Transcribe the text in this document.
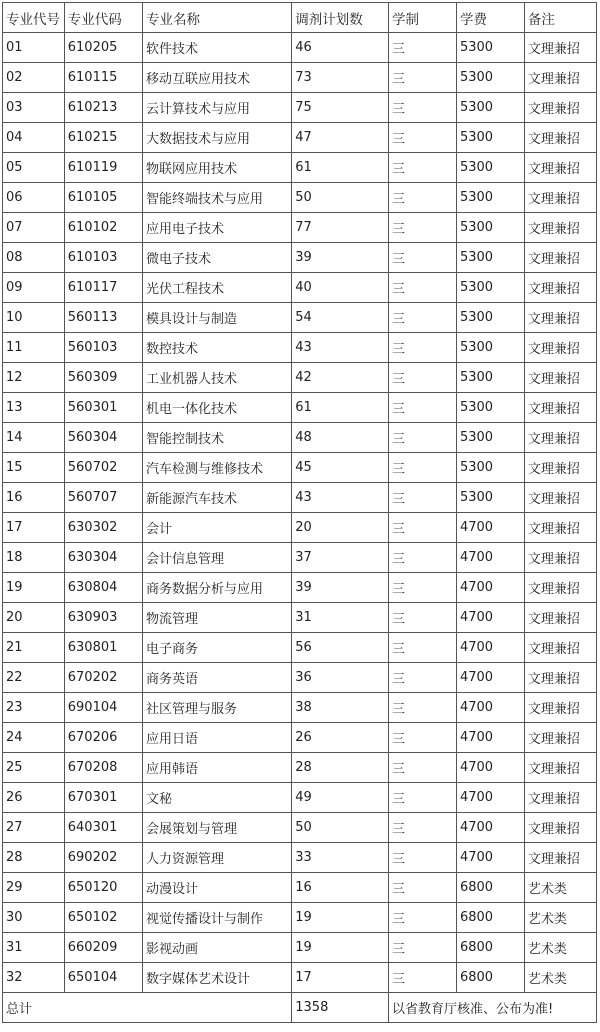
专业代号	专业代码	专业名称	调剂计划数	学制	学费	备注
01	610205	软件技术	46	三	5300	文理兼招
02	610115	移动互联应用技术	73	三	5300	文理兼招
03	610213	云计算技术与应用	75	三	5300	文理兼招
04	610215	大数据技术与应用	47	三	5300	文理兼招
05	610119	物联网应用技术	61	三	5300	文理兼招
06	610105	智能终端技术与应用	50	三	5300	文理兼招
07	610102	应用电子技术	77	三	5300	文理兼招
08	610103	微电子技术	39	三	5300	文理兼招
09	610117	光伏工程技术	40	三	5300	文理兼招
10	560113	模具设计与制造	54	三	5300	文理兼招
11	560103	数控技术	43	三	5300	文理兼招
12	560309	工业机器人技术	42	三	5300	文理兼招
13	560301	机电一体化技术	61	三	5300	文理兼招
14	560304	智能控制技术	48	三	5300	文理兼招
15	560702	汽车检测与维修技术	45	三	5300	文理兼招
16	560707	新能源汽车技术	43	三	5300	文理兼招
17	630302	会计	20	三	4700	文理兼招
18	630304	会计信息管理	37	三	4700	文理兼招
19	630804	商务数据分析与应用	39	三	4700	文理兼招
20	630903	物流管理	31	三	4700	文理兼招
21	630801	电子商务	56	三	4700	文理兼招
22	670202	商务英语	36	三	4700	文理兼招
23	690104	社区管理与服务	38	三	4700	文理兼招
24	670206	应用日语	26	三	4700	文理兼招
25	670208	应用韩语	28	三	4700	文理兼招
26	670301	文秘	49	三	4700	文理兼招
27	640301	会展策划与管理	50	三	4700	文理兼招
28	690202	人力资源管理	33	三	4700	文理兼招
29	650120	动漫设计	16	三	6800	艺术类
30	650102	视觉传播设计与制作	19	三	6800	艺术类
31	660209	影视动画	19	三	6800	艺术类
32	650104	数字媒体艺术设计	17	三	6800	艺术类
总计			1358	以省教育厅核准、公布为准!		
